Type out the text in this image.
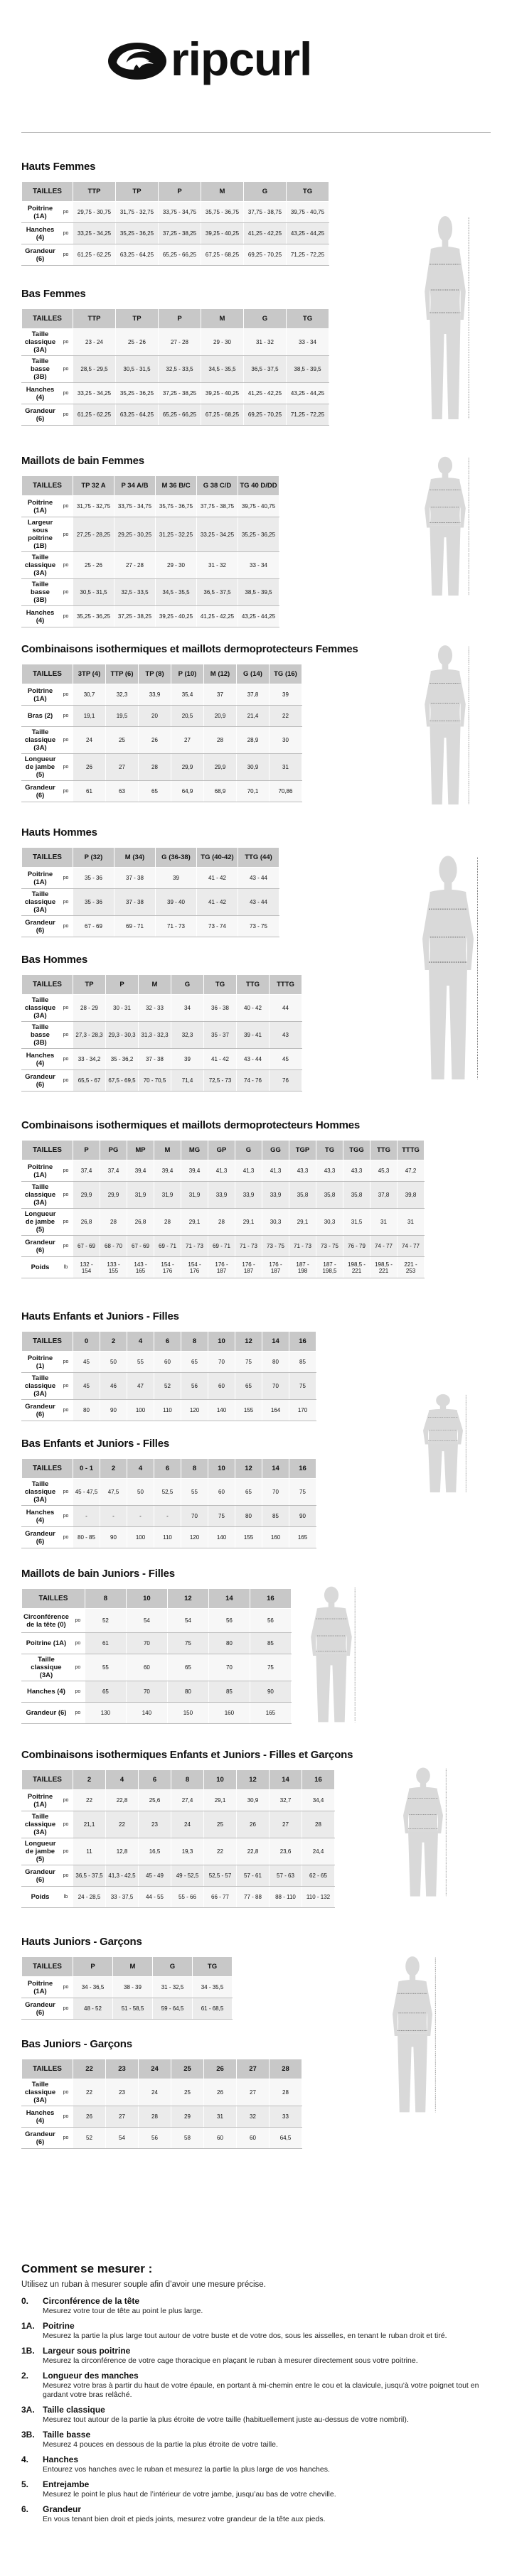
ripcurl
Hauts Femmes
TAILLES		TTP	TP	P	M	G	TG
Poitrine (1A)	po	29,75 - 30,75	31,75 - 32,75	33,75 - 34,75	35,75 - 36,75	37,75 - 38,75	39,75 - 40,75
Hanches (4)	po	33,25 - 34,25	35,25 - 36,25	37,25 - 38,25	39,25 - 40,25	41,25 - 42,25	43,25 - 44,25
Grandeur (6)	po	61,25 - 62,25	63,25 - 64,25	65,25 - 66,25	67,25 - 68,25	69,25 - 70,25	71,25 - 72,25
Bas Femmes
TAILLES		TTP	TP	P	M	G	TG
Taille classique (3A)	po	23 - 24	25 - 26	27 - 28	29 - 30	31 - 32	33 - 34
Taille basse (3B)	po	28,5 - 29,5	30,5 - 31,5	32,5 - 33,5	34,5 - 35,5	36,5 - 37,5	38,5 - 39,5
Hanches (4)	po	33,25 - 34,25	35,25 - 36,25	37,25 - 38,25	39,25 - 40,25	41,25 - 42,25	43,25 - 44,25
Grandeur (6)	po	61,25 - 62,25	63,25 - 64,25	65,25 - 66,25	67,25 - 68,25	69,25 - 70,25	71,25 - 72,25
Maillots de bain Femmes
TAILLES		TP 32 A	P 34 A/B	M 36 B/C	G 38 C/D	TG 40 D/DD
Poitrine (1A)	po	31,75 - 32,75	33,75 - 34,75	35,75 - 36,75	37,75 - 38,75	39,75 - 40,75
Largeur sous poitrine (1B)	po	27,25 - 28,25	29,25 - 30,25	31,25 - 32,25	33,25 - 34,25	35,25 - 36,25
Taille classique (3A)	po	25 - 26	27 - 28	29 - 30	31 - 32	33 - 34
Taille basse (3B)	po	30,5 - 31,5	32,5 - 33,5	34,5 - 35,5	36,5 - 37,5	38,5 - 39,5
Hanches (4)	po	35,25 - 36,25	37,25 - 38,25	39,25 - 40,25	41,25 - 42,25	43,25 - 44,25
Combinaisons isothermiques et maillots dermoprotecteurs Femmes
TAILLES		3TP (4)	TTP (6)	TP (8)	P (10)	M (12)	G (14)	TG (16)
Poitrine (1A)	po	30,7	32,3	33,9	35,4	37	37,8	39
Bras (2)	po	19,1	19,5	20	20,5	20,9	21,4	22
Taille classique (3A)	po	24	25	26	27	28	28,9	30
Longueur de jambe (5)	po	26	27	28	29,9	29,9	30,9	31
Grandeur (6)	po	61	63	65	64,9	68,9	70,1	70,86
Hauts Hommes
TAILLES		P (32)	M (34)	G (36-38)	TG (40-42)	TTG (44)
Poitrine (1A)	po	35 - 36	37 - 38	39	41 - 42	43 - 44
Taille classique (3A)	po	35 - 36	37 - 38	39 - 40	41 - 42	43 - 44
Grandeur (6)	po	67 - 69	69 - 71	71 - 73	73 - 74	73 - 75
Bas Hommes
TAILLES		TP	P	M	G	TG	TTG	TTTG
Taille classique (3A)	po	28 - 29	30 - 31	32 - 33	34	36 - 38	40 - 42	44
Taille basse (3B)	po	27,3 - 28,3	29,3 - 30,3	31,3 - 32,3	32,3	35 - 37	39 - 41	43
Hanches (4)	po	33 - 34,2	35 - 36,2	37 - 38	39	41 - 42	43 - 44	45
Grandeur (6)	po	65,5 - 67	67,5 - 69,5	70 - 70,5	71,4	72,5 - 73	74 - 76	76
Combinaisons isothermiques et maillots dermoprotecteurs Hommes
TAILLES		P	PG	MP	M	MG	GP	G	GG	TGP	TG	TGG	TTG	TTTG
Poitrine (1A)	po	37,4	37,4	39,4	39,4	39,4	41,3	41,3	41,3	43,3	43,3	43,3	45,3	47,2
Taille classique (3A)	po	29,9	29,9	31,9	31,9	31,9	33,9	33,9	33,9	35,8	35,8	35,8	37,8	39,8
Longueur de jambe (5)	po	26,8	28	26,8	28	29,1	28	29,1	30,3	29,1	30,3	31,5	31	31
Grandeur (6)	po	67 - 69	68 - 70	67 - 69	69 - 71	71 - 73	69 - 71	71 - 73	73 - 75	71 - 73	73 - 75	76 - 79	74 - 77	74 - 77
Poids	lb	132 - 154	133 - 155	143 - 165	154 - 176	154 - 176	176 - 187	176 - 187	176 - 187	187 - 198	187 - 198,5	198,5 - 221	198,5 - 221	221 - 253
Hauts Enfants et Juniors - Filles
TAILLES		0	2	4	6	8	10	12	14	16
Poitrine (1)	po	45	50	55	60	65	70	75	80	85
Taille classique (3A)	po	45	46	47	52	56	60	65	70	75
Grandeur (6)	po	80	90	100	110	120	140	155	164	170
Bas Enfants et Juniors - Filles
TAILLES		0 - 1	2	4	6	8	10	12	14	16
Taille classique (3A)	po	45 - 47,5	47,5	50	52,5	55	60	65	70	75
Hanches (4)	po	-	-	-	-	70	75	80	85	90
Grandeur (6)	po	80 - 85	90	100	110	120	140	155	160	165
Maillots de bain Juniors - Filles
TAILLES		8	10	12	14	16
Circonférence de la tête (0)	po	52	54	54	56	56
Poitrine (1A)	po	61	70	75	80	85
Taille classique (3A)	po	55	60	65	70	75
Hanches (4)	po	65	70	80	85	90
Grandeur (6)	po	130	140	150	160	165
Combinaisons isothermiques Enfants et Juniors - Filles et Garçons
TAILLES		2	4	6	8	10	12	14	16
Poitrine (1A)	po	22	22,8	25,6	27,4	29,1	30,9	32,7	34,4
Taille classique (3A)	po	21,1	22	23	24	25	26	27	28
Longueur de jambe (5)	po	11	12,8	16,5	19,3	22	22,8	23,6	24,4
Grandeur (6)	po	36,5 - 37,5	41,3 - 42,5	45 - 49	49 - 52,5	52,5 - 57	57 - 61	57 - 63	62 - 65
Poids	lb	24 - 28,5	33 - 37,5	44 - 55	55 - 66	66 - 77	77 - 88	88 - 110	110 - 132
Hauts Juniors - Garçons
TAILLES		P	M	G	TG
Poitrine (1A)	po	34 - 36,5	38 - 39	31 - 32,5	34 - 35,5
Grandeur (6)	po	48 - 52	51 - 58,5	59 - 64,5	61 - 68,5
Bas Juniors - Garçons
TAILLES		22	23	24	25	26	27	28
Taille classique (3A)	po	22	23	24	25	26	27	28
Hanches (4)	po	26	27	28	29	31	32	33
Grandeur (6)	po	52	54	56	58	60	60	64,5
Comment se mesurer :
Utilisez un ruban à mesurer souple afin d’avoir une mesure précise.
0.	Circonférence de la tête
Mesurez votre tour de tête au point le plus large.
1A. Poitrine
Mesurez la partie la plus large tout autour de votre buste et de votre dos, sous les aisselles, en tenant le ruban droit et tiré.
1B. Largeur sous poitrine
Mesurez la circonférence de votre cage thoracique en plaçant le ruban à mesurer directement sous votre poitrine.
2.	Longueur des manches
Mesurez votre bras à partir du haut de votre épaule, en portant à mi-chemin entre le cou et la clavicule, jusqu’à votre poignet tout en gardant votre bras relâché.
3A. Taille classique
Mesurez tout autour de la partie la plus étroite de votre taille (habituellement juste au-dessus de votre nombril).
3B. Taille basse
Mesurez 4 pouces en dessous de la partie la plus étroite de votre taille.
4.	Hanches
Entourez vos hanches avec le ruban et mesurez la partie la plus large de vos hanches.
5.	Entrejambe
Mesurez le point le plus haut de l’intérieur de votre jambe, jusqu’au bas de votre cheville.
6.	Grandeur
En vous tenant bien droit et pieds joints, mesurez votre grandeur de la tête aux pieds.
